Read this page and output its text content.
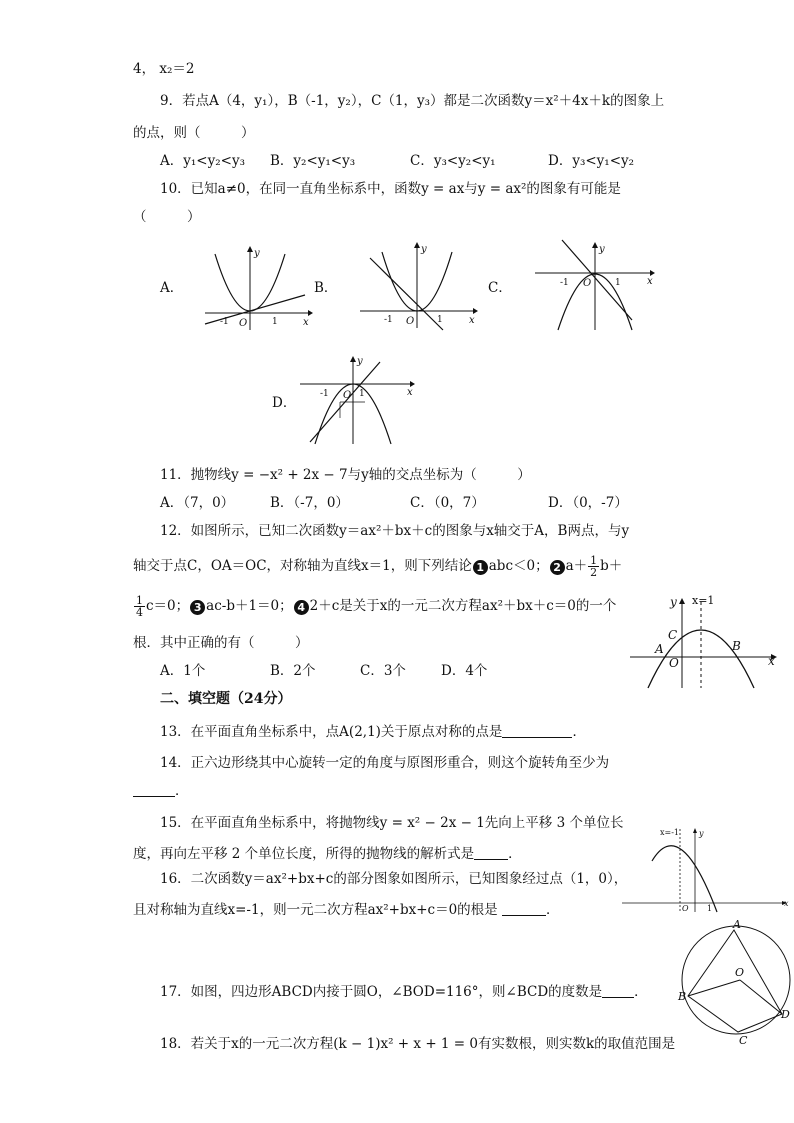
4， x₂＝2
9．若点A（4，y₁），B（-1，y₂），C（1，y₃）都是二次函数y＝x²＋4x＋k的图象上
的点，则（　　　）
A．y₁<y₂<y₃ B．y₂<y₁<y₃	C．y₃<y₂<y₁	D．y₃<y₁<y₂
10．已知a≠0，在同一直角坐标系中，函数y = ax与y = ax²的图象有可能是
（　　　）
A．	B．	C．
D．
y
x
O
-1	1
y
x
O
-1	1
y
x
O
-1	1
y
x
O
-1	1
11．抛物线y = −x² + 2x − 7与y轴的交点坐标为（　　　）
A．（7，0）	B．（-7，0）	C．（0，7）	D．（0，-7）
12．如图所示，已知二次函数y＝ax²＋bx＋c的图象与x轴交于A，B两点，与y
轴交于点C，OA＝OC，对称轴为直线x＝1，则下列结论 1 abc＜0； 2 $a+ \frac{1}{2} b+$
$\frac{1}{4} c=0$； 3 ac-b＋1＝0； 4 2＋c是关于x的一元二次方程ax²＋bx＋c＝0的一个
根．其中正确的有（　　　）
A．1个	B．2个	C．3个	D．4个
y x=1
x
A	B
C
O
二、填空题（24分）
13．在平面直角坐标系中，点A(2,1)关于原点对称的点是	．
14．正六边形绕其中心旋转一定的角度与原图形重合，则这个旋转角至少为
．
15．在平面直角坐标系中，将抛物线y = x² − 2x − 1先向上平移 3 个单位长
度，再向左平移 2 个单位长度，所得的抛物线的解析式是	．
x=-1 y
x
O 1
16．二次函数y＝ax²+bx+c的部分图象如图所示，已知图象经过点（1，0），
且对称轴为直线x=-1，则一元二次方程ax²+bx+c＝0的根是	．
17．如图，四边形ABCD内接于圆O，∠BOD=116°，则∠BCD的度数是 ．
A
B
C
D
O
18．若关于x的一元二次方程(k − 1)x² + x + 1 = 0有实数根，则实数k的取值范围是
